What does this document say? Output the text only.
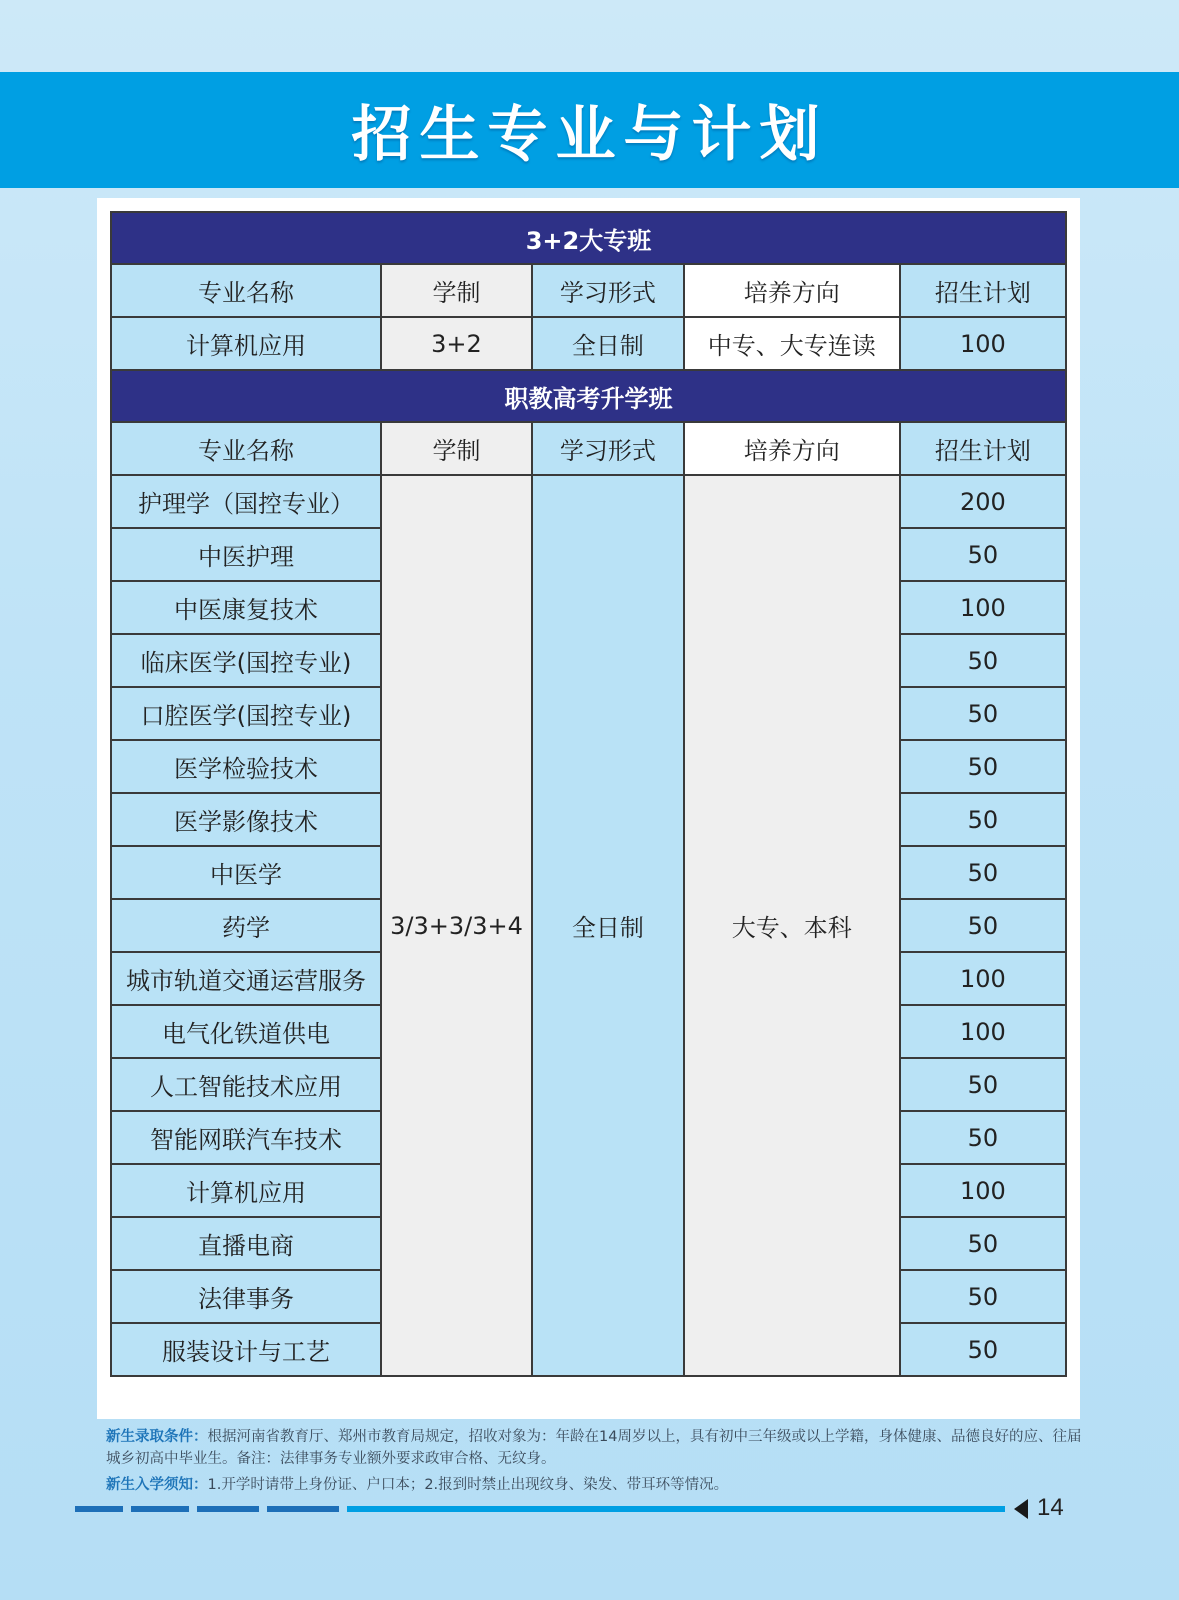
招生专业与计划
3+2大专班				
专业名称	学制	学习形式	培养方向	招生计划
计算机应用	3+2	全日制	中专、大专连读	100
职教高考升学班				
专业名称	学制	学习形式	培养方向	招生计划
护理学（国控专业）	3/3+3/3+4	全日制	大专、本科	200
中医护理				50
中医康复技术				100
临床医学(国控专业)				50
口腔医学(国控专业)				50
医学检验技术				50
医学影像技术				50
中医学				50
药学				50
城市轨道交通运营服务				100
电气化铁道供电				100
人工智能技术应用				50
智能网联汽车技术				50
计算机应用				100
直播电商				50
法律事务				50
服装设计与工艺				50

新生录取条件：根据河南省教育厅、郑州市教育局规定，招收对象为：年龄在14周岁以上，具有初中三年级或以上学籍，身体健康、品德良好的应、往届城乡初高中毕业生。备注：法律事务专业额外要求政审合格、无纹身。

新生入学须知：1.开学时请带上身份证、户口本；2.报到时禁止出现纹身、染发、带耳环等情况。

14
